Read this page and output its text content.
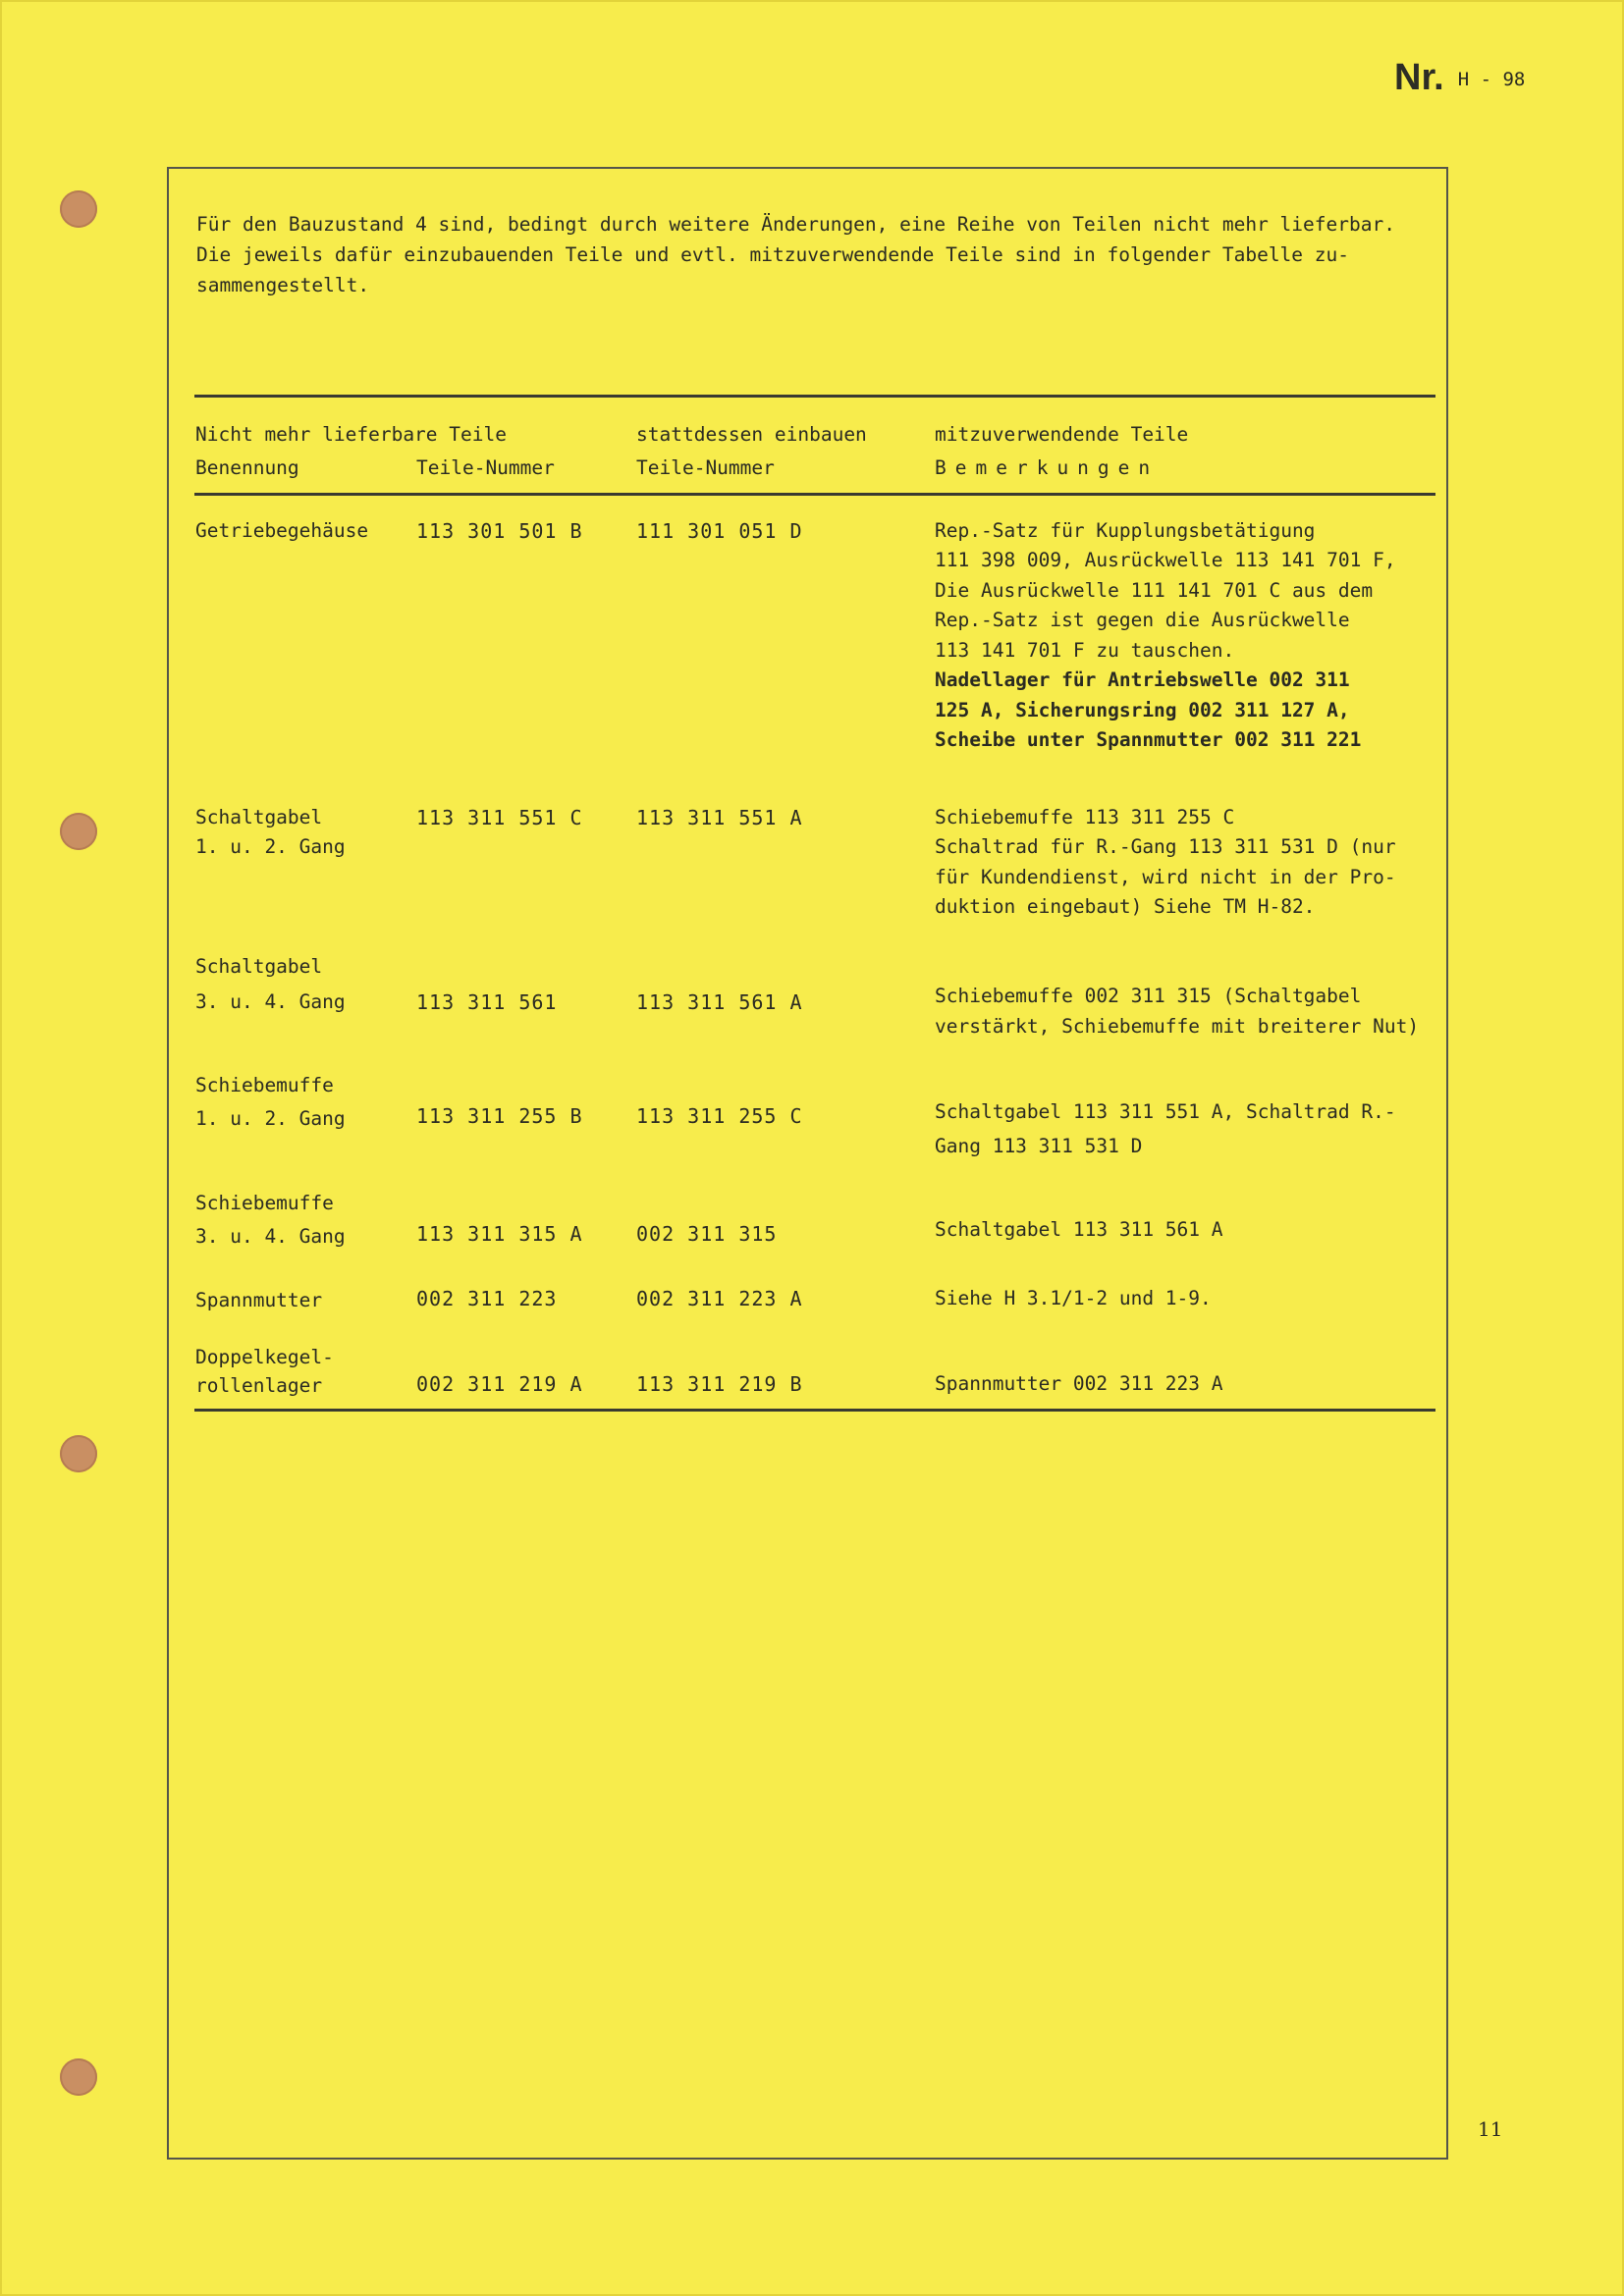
Nr. H - 98
Für den Bauzustand 4 sind, bedingt durch weitere Änderungen, eine Reihe von Teilen nicht mehr lieferbar.
Die jeweils dafür einzubauenden Teile und evtl. mitzuverwendende Teile sind in folgender Tabelle zu-
sammengestellt.
Nicht mehr lieferbare Teile	stattdessen einbauen	mitzuverwendende Teile
Benennung	Teile-Nummer	Teile-Nummer	Bemerkungen
Getriebegehäuse 113 301 501 B	111 301 051 D	Rep.-Satz für Kupplungsbetätigung
111 398 009, Ausrückwelle 113 141 701 F,
Die Ausrückwelle 111 141 701 C aus dem
Rep.-Satz ist gegen die Ausrückwelle
113 141 701 F zu tauschen.
Nadellager für Antriebswelle 002 311
125 A, Sicherungsring 002 311 127 A,
Scheibe unter Spannmutter 002 311 221
Schaltgabel
1. u. 2. Gang
113 311 551 C	113 311 551 A	Schiebemuffe 113 311 255 C
Schaltrad für R.-Gang 113 311 531 D (nur
für Kundendienst, wird nicht in der Pro-
duktion eingebaut) Siehe TM H-82.
Schaltgabel
3. u. 4. Gang	113 311 561	113 311 561 A	Schiebemuffe 002 311 315 (Schaltgabel
verstärkt, Schiebemuffe mit breiterer Nut)
Schiebemuffe
1. u. 2. Gang	113 311 255 B	113 311 255 C	Schaltgabel 113 311 551 A, Schaltrad R.-
Gang 113 311 531 D
Schiebemuffe
3. u. 4. Gang	113 311 315 A	002 311 315	Schaltgabel 113 311 561 A
Spannmutter	002 311 223	002 311 223 A	Siehe H 3.1/1-2 und 1-9.
Doppelkegel-
rollenlager	002 311 219 A	113 311 219 B	Spannmutter 002 311 223 A
11
